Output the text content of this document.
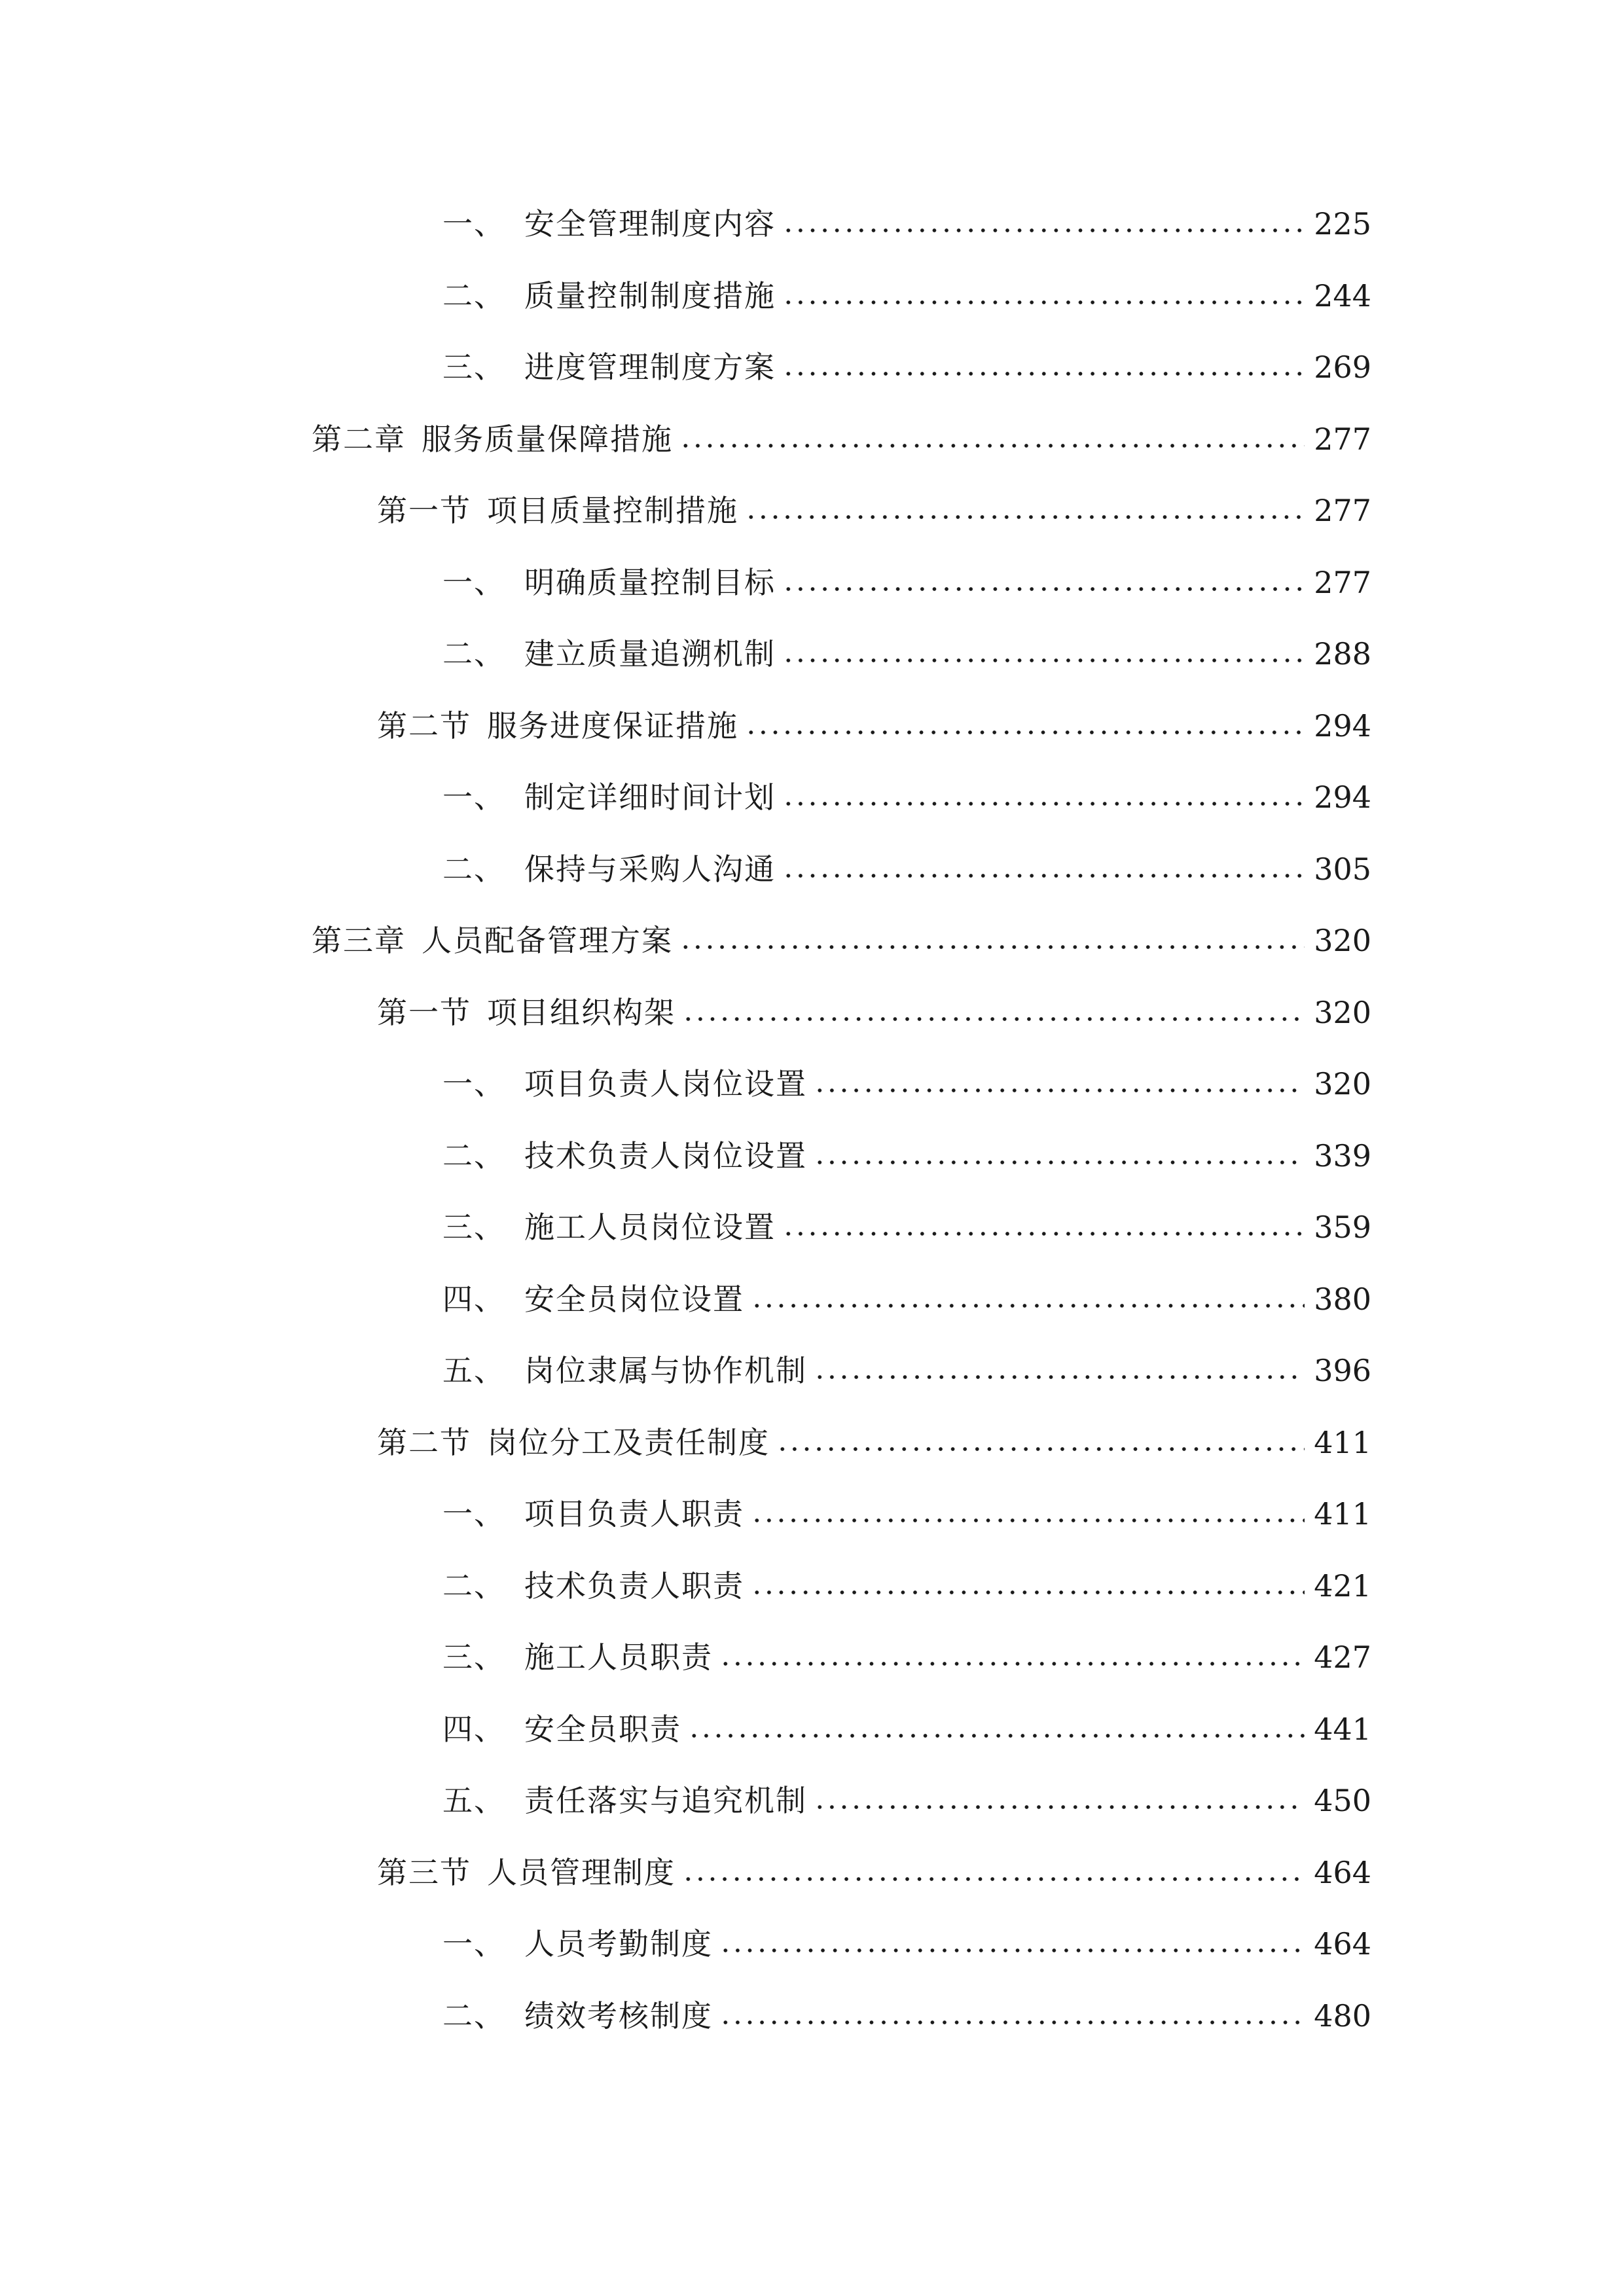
一、 安全管理制度内容	225
二、 质量控制制度措施	244
三、 进度管理制度方案	269
第二章 服务质量保障措施	277
第一节 项目质量控制措施	277
一、 明确质量控制目标	277
二、 建立质量追溯机制	288
第二节 服务进度保证措施	294
一、 制定详细时间计划	294
二、 保持与采购人沟通	305
第三章 人员配备管理方案	320
第一节 项目组织构架	320
一、 项目负责人岗位设置	320
二、 技术负责人岗位设置	339
三、 施工人员岗位设置	359
四、 安全员岗位设置	380
五、 岗位隶属与协作机制	396
第二节 岗位分工及责任制度	411
一、 项目负责人职责	411
二、 技术负责人职责	421
三、 施工人员职责	427
四、 安全员职责	441
五、 责任落实与追究机制	450
第三节 人员管理制度	464
一、 人员考勤制度	464
二、 绩效考核制度	480
